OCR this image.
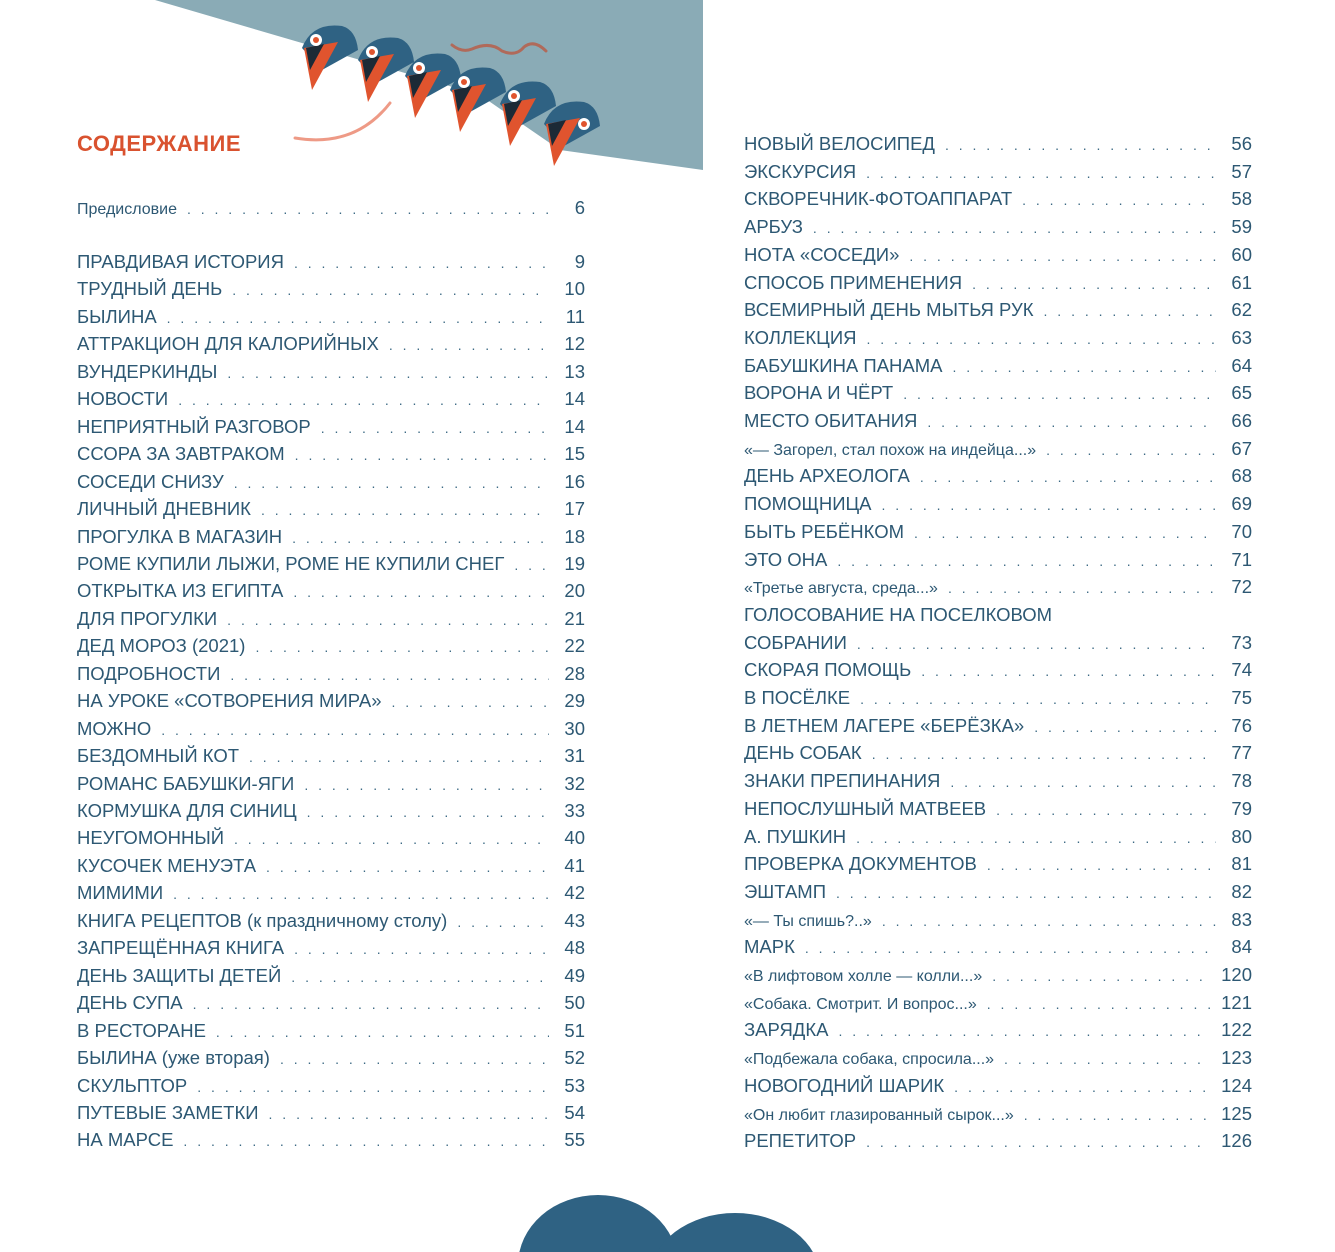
СОДЕРЖАНИЕ
Предисловие . . .	6
ПРАВДИВАЯ ИСТОРИЯ . . .	9
ТРУДНЫЙ ДЕНЬ . . .	10
БЫЛИНА . . .	11
АТТРАКЦИОН ДЛЯ КАЛОРИЙНЫХ . . .	12
ВУНДЕРКИНДЫ . . .	13
НОВОСТИ . . .	14
НЕПРИЯТНЫЙ РАЗГОВОР . . .	14
ССОРА ЗА ЗАВТРАКОМ . . .	15
СОСЕДИ СНИЗУ . . .	16
ЛИЧНЫЙ ДНЕВНИК . . .	17
ПРОГУЛКА В МАГАЗИН . . .	18
РОМЕ КУПИЛИ ЛЫЖИ, РОМЕ НЕ КУПИЛИ СНЕГ . . .	19
ОТКРЫТКА ИЗ ЕГИПТА . . .	20
ДЛЯ ПРОГУЛКИ . . .	21
ДЕД МОРОЗ (2021) . . .	22
ПОДРОБНОСТИ . . .	28
НА УРОКЕ «СОТВОРЕНИЯ МИРА» . . .	29
МОЖНО . . .	30
БЕЗДОМНЫЙ КОТ . . .	31
РОМАНС БАБУШКИ-ЯГИ . . .	32
КОРМУШКА ДЛЯ СИНИЦ . . .	33
НЕУГОМОННЫЙ . . .	40
КУСОЧЕК МЕНУЭТА . . .	41
МИМИМИ . . .	42
КНИГА РЕЦЕПТОВ (к праздничному столу) . . .	43
ЗАПРЕЩЁННАЯ КНИГА . . .	48
ДЕНЬ ЗАЩИТЫ ДЕТЕЙ . . .	49
ДЕНЬ СУПА . . .	50
В РЕСТОРАНЕ . . .	51
БЫЛИНА (уже вторая) . . .	52
СКУЛЬПТОР . . .	53
ПУТЕВЫЕ ЗАМЕТКИ . . .	54
НА МАРСЕ . . .	55
НОВЫЙ ВЕЛОСИПЕД . . .	56
ЭКСКУРСИЯ . . .	57
СКВОРЕЧНИК-ФОТОАППАРАТ . . .	58
АРБУЗ . . .	59
НОТА «СОСЕДИ» . . .	60
СПОСОБ ПРИМЕНЕНИЯ . . .	61
ВСЕМИРНЫЙ ДЕНЬ МЫТЬЯ РУК . . .	62
КОЛЛЕКЦИЯ . . .	63
БАБУШКИНА ПАНАМА . . .	64
ВОРОНА И ЧЁРТ . . .	65
МЕСТО ОБИТАНИЯ . . .	66
«— Загорел, стал похож на индейца...» . . .	67
ДЕНЬ АРХЕОЛОГА . . .	68
ПОМОЩНИЦА . . .	69
БЫТЬ РЕБЁНКОМ . . .	70
ЭТО ОНА . . .	71
«Третье августа, среда...» . . .	72
ГОЛОСОВАНИЕ НА ПОСЕЛКОВОМ
СОБРАНИИ . . .	73
СКОРАЯ ПОМОЩЬ . . .	74
В ПОСЁЛКЕ . . .	75
В ЛЕТНЕМ ЛАГЕРЕ «БЕРЁЗКА» . . .	76
ДЕНЬ СОБАК . . .	77
ЗНАКИ ПРЕПИНАНИЯ . . .	78
НЕПОСЛУШНЫЙ МАТВЕЕВ . . .	79
А. ПУШКИН . . .	80
ПРОВЕРКА ДОКУМЕНТОВ . . .	81
ЭШТАМП . . .	82
«— Ты спишь?..» . . .	83
МАРК . . .	84
«В лифтовом холле — колли...» . . .	120
«Собака. Смотрит. И вопрос...» . . .	121
ЗАРЯДКА . . .	122
«Подбежала собака, спросила...» . . .	123
НОВОГОДНИЙ ШАРИК . . .	124
«Он любит глазированный сырок...» . . .	125
РЕПЕТИТОР . . .	126
